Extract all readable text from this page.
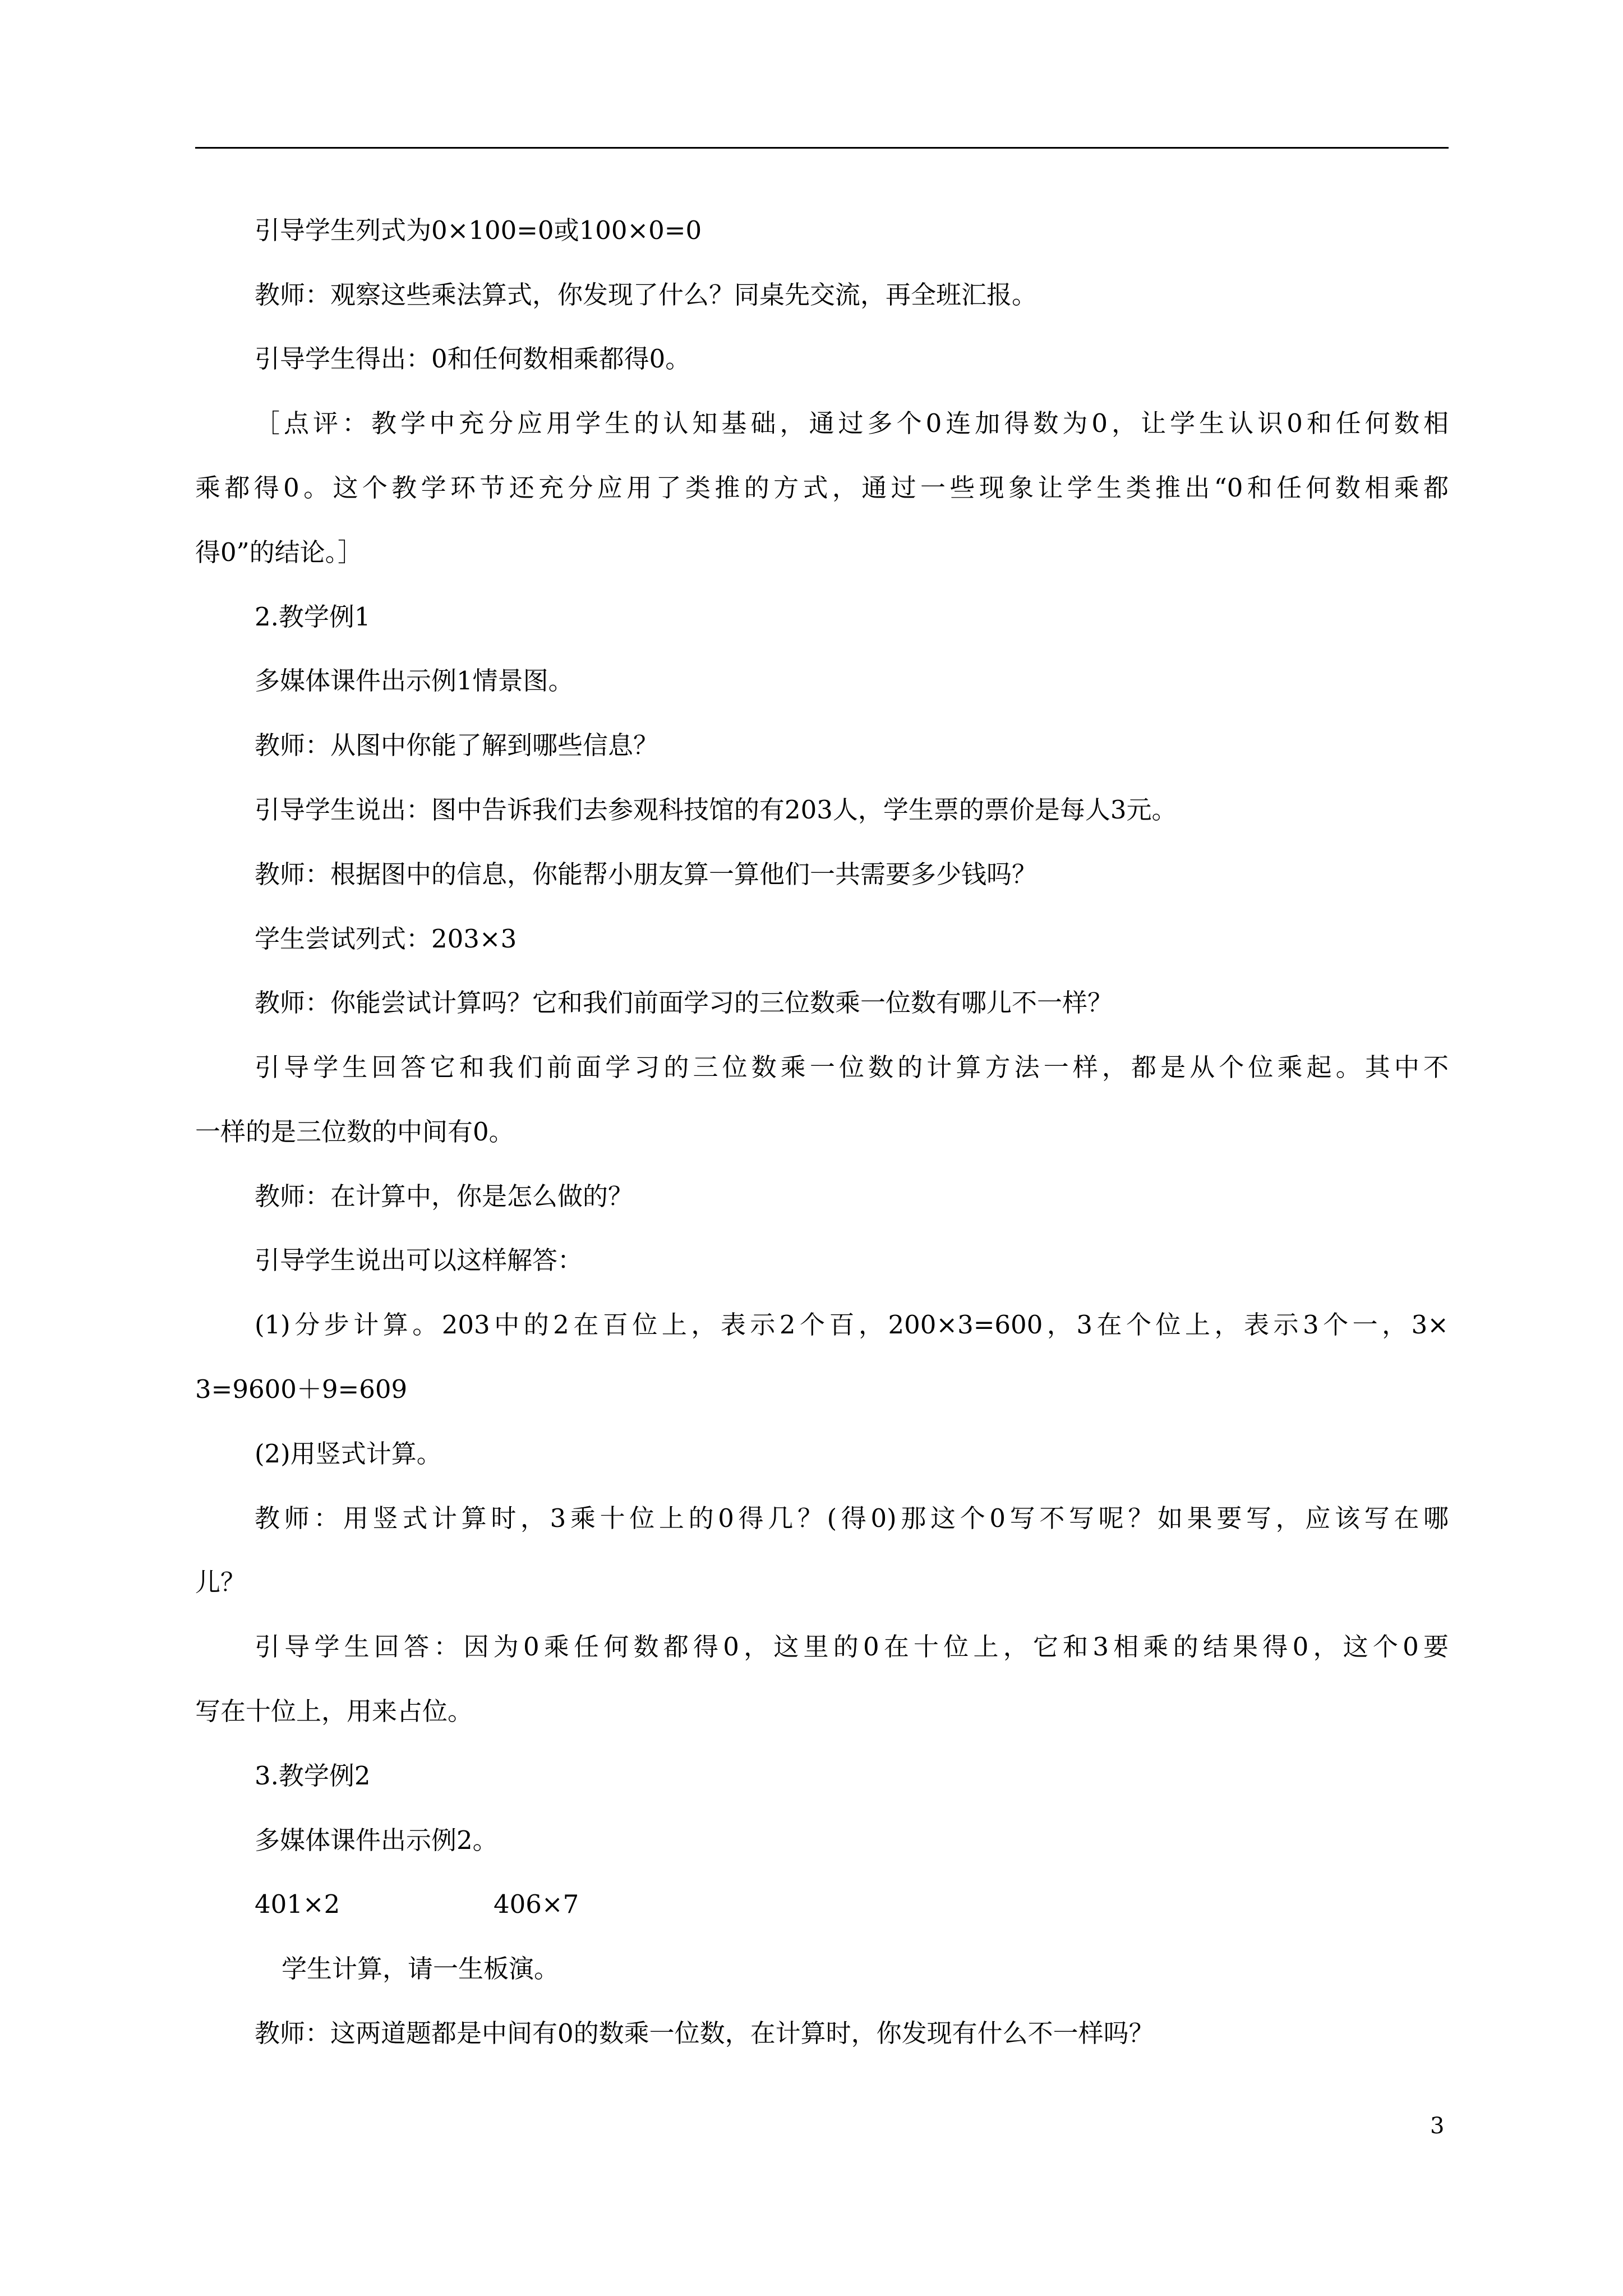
引导学生列式为0×100=0或100×0=0

教师：观察这些乘法算式，你发现了什么？同桌先交流，再全班汇报。

引导学生得出：0和任何数相乘都得0。

［点评：教学中充分应用学生的认知基础，通过多个0连加得数为0，让学生认识0和任何数相

乘都得0。这个教学环节还充分应用了类推的方式，通过一些现象让学生类推出“0和任何数相乘都

得0”的结论。］

2.教学例1

多媒体课件出示例1情景图。

教师：从图中你能了解到哪些信息？

引导学生说出：图中告诉我们去参观科技馆的有203人，学生票的票价是每人3元。

教师：根据图中的信息，你能帮小朋友算一算他们一共需要多少钱吗？

学生尝试列式：203×3

教师：你能尝试计算吗？它和我们前面学习的三位数乘一位数有哪儿不一样？

引导学生回答它和我们前面学习的三位数乘一位数的计算方法一样，都是从个位乘起。其中不

一样的是三位数的中间有0。

教师：在计算中，你是怎么做的？

引导学生说出可以这样解答：

(1)分步计算。203中的2在百位上，表示2个百，200×3=600，3在个位上，表示3个一，3×

3=9600＋9=609

(2)用竖式计算。

教师：用竖式计算时，3乘十位上的0得几？(得0)那这个0写不写呢？如果要写，应该写在哪

儿？

引导学生回答：因为0乘任何数都得0，这里的0在十位上，它和3相乘的结果得0，这个0要

写在十位上，用来占位。

3.教学例2

多媒体课件出示例2。

401×2	406×7

学生计算，请一生板演。

教师：这两道题都是中间有0的数乘一位数，在计算时，你发现有什么不一样吗？

3
